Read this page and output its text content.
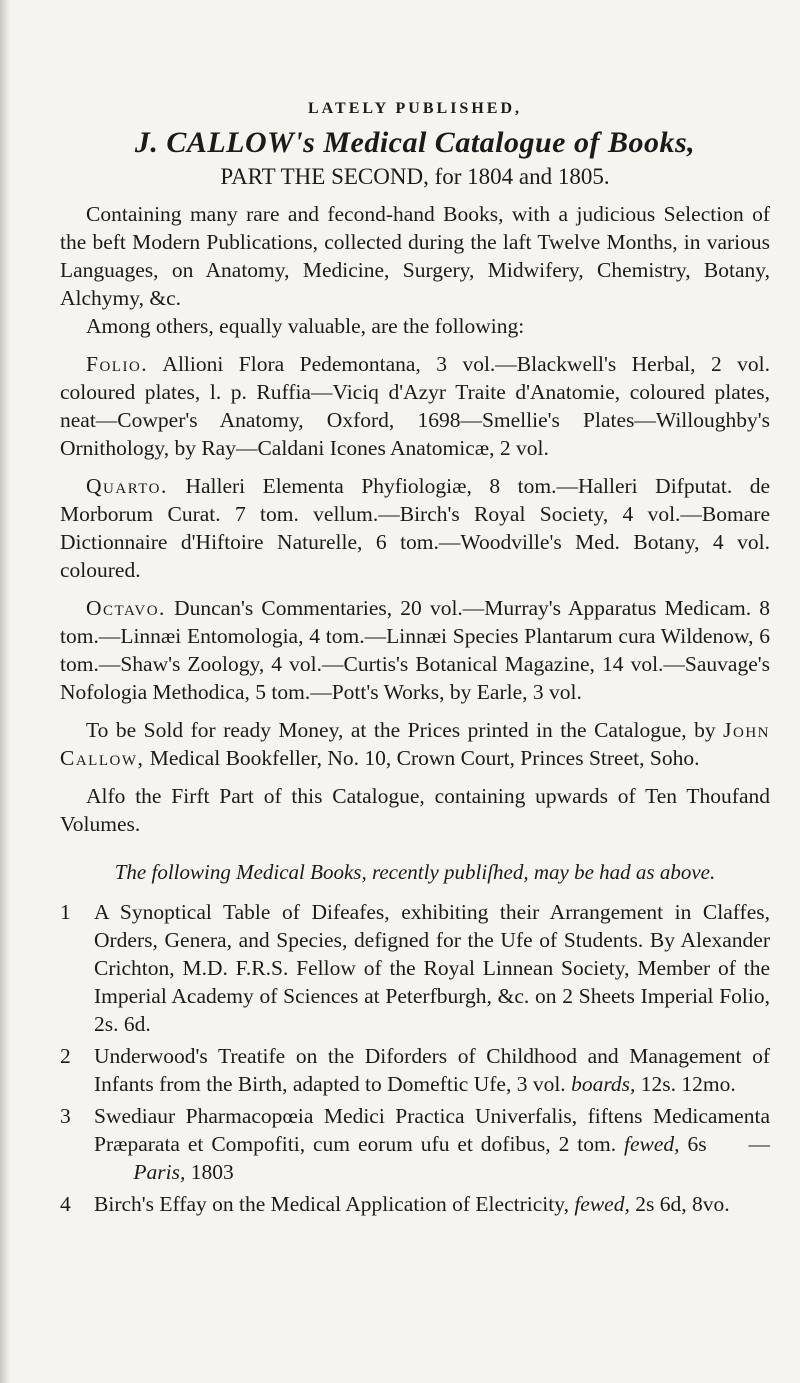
LATELY PUBLISHED,
J. CALLOW's Medical Catalogue of Books,
PART THE SECOND, for 1804 and 1805.

Containing many rare and fecond-hand Books, with a judicious Selection of the beft Modern Publications, collected during the laft Twelve Months, in various Languages, on Anatomy, Medicine, Surgery, Midwifery, Chemistry, Botany, Alchymy, &c.

Among others, equally valuable, are the following:

Folio. Allioni Flora Pedemontana, 3 vol.—Blackwell's Herbal, 2 vol. coloured plates, l. p. Ruffia—Viciq d'Azyr Traite d'Anatomie, coloured plates, neat—Cowper's Anatomy, Oxford, 1698—Smellie's Plates—Willoughby's Ornithology, by Ray—Caldani Icones Anatomicæ, 2 vol.

Quarto. Halleri Elementa Phyfiologiæ, 8 tom.—Halleri Difputat. de Morborum Curat. 7 tom. vellum.—Birch's Royal Society, 4 vol.—Bomare Dictionnaire d'Hiftoire Naturelle, 6 tom.—Woodville's Med. Botany, 4 vol. coloured.

Octavo. Duncan's Commentaries, 20 vol.—Murray's Apparatus Medicam. 8 tom.—Linnæi Entomologia, 4 tom.—Linnæi Species Plantarum cura Wildenow, 6 tom.—Shaw's Zoology, 4 vol.—Curtis's Botanical Magazine, 14 vol.—Sauvage's Nofologia Methodica, 5 tom.—Pott's Works, by Earle, 3 vol.

To be Sold for ready Money, at the Prices printed in the Catalogue, by John Callow, Medical Bookfeller, No. 10, Crown Court, Princes Street, Soho.

Alfo the Firft Part of this Catalogue, containing upwards of Ten Thoufand Volumes.

The following Medical Books, recently publiſhed, may be had as above.
1	A Synoptical Table of Difeafes, exhibiting their Arrangement in Claffes, Orders, Genera, and Species, defigned for the Ufe of Students. By Alexander Crichton, M.D. F.R.S. Fellow of the Royal Linnean Society, Member of the Imperial Academy of Sciences at Peterfburgh, &c. on 2 Sheets Imperial Folio, 2s. 6d.
2	Underwood's Treatife on the Diforders of Childhood and Management of Infants from the Birth, adapted to Domeftic Ufe, 3 vol. boards, 12s. 12mo.
3	Swediaur Pharmacopœia Medici Practica Univerfalis, fiftens Medicamenta Præparata et Compofiti, cum eorum ufu et dofibus, 2 tom. fewed, 6s — Paris, 1803
4	Birch's Effay on the Medical Application of Electricity, fewed, 2s 6d, 8vo.
